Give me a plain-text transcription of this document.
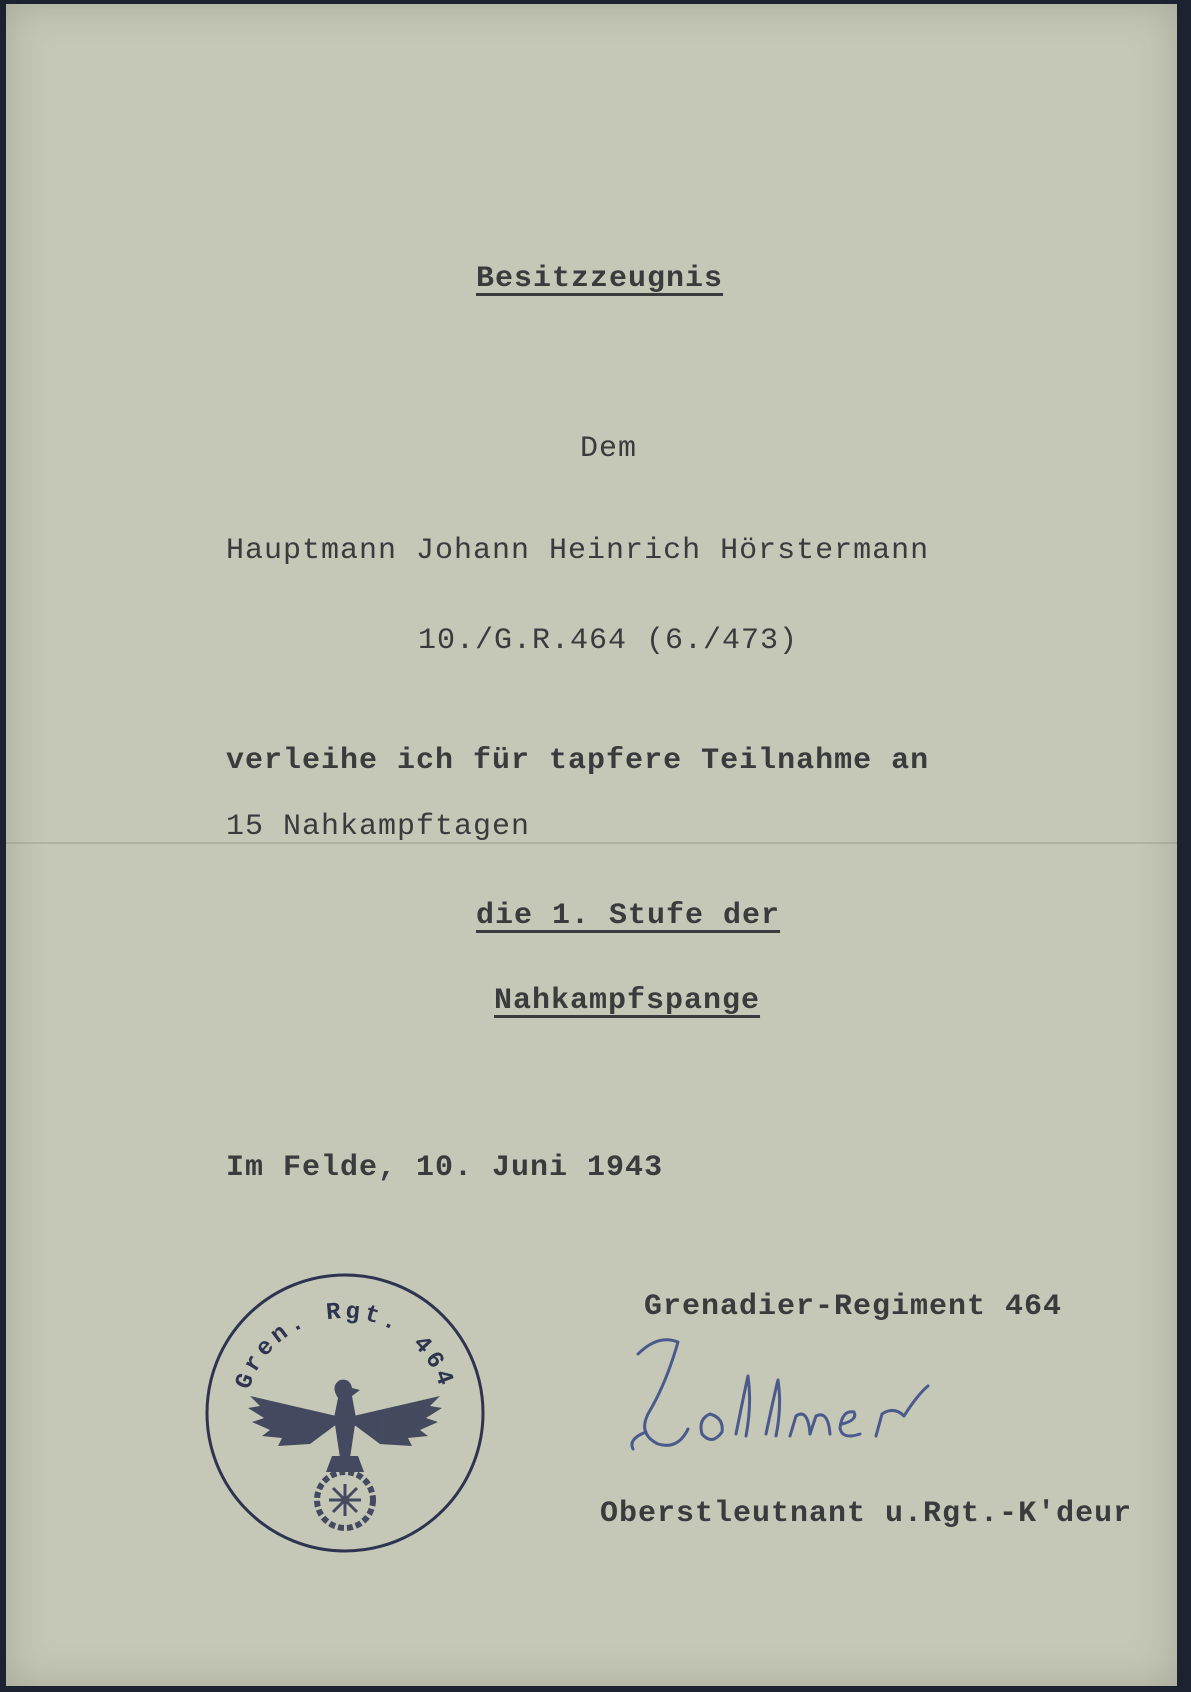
Besitzzeugnis
Dem
Hauptmann Johann Heinrich Hörstermann
10./G.R.464 (6./473)
verleihe ich für tapfere Teilnahme an
15 Nahkampftagen
die 1. Stufe der
Nahkampfspange
Im Felde, 10. Juni 1943
Grenadier-Regiment 464
Oberstleutnant u.Rgt.-K'deur
Gren. Rgt. 464
